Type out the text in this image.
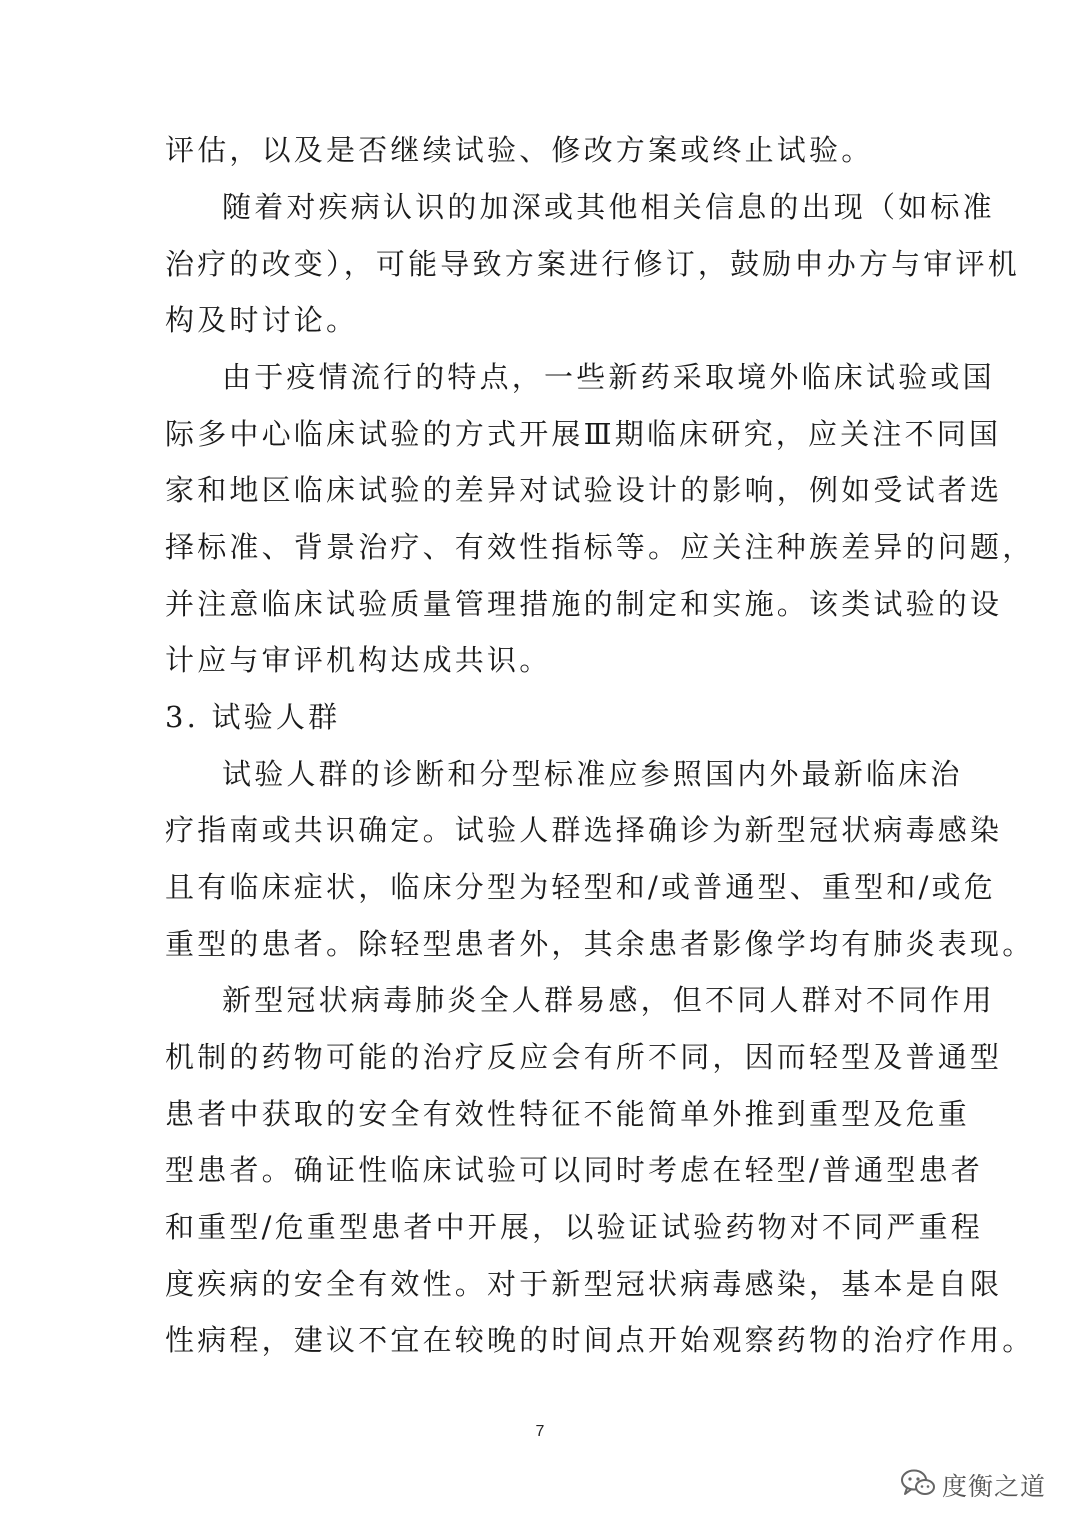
评估，以及是否继续试验、修改方案或终止试验。
随着对疾病认识的加深或其他相关信息的出现（如标准
治疗的改变），可能导致方案进行修订，鼓励申办方与审评机
构及时讨论。
由于疫情流行的特点，一些新药采取境外临床试验或国
际多中心临床试验的方式开展Ⅲ期临床研究，应关注不同国
家和地区临床试验的差异对试验设计的影响，例如受试者选
择标准、背景治疗、有效性指标等。应关注种族差异的问题，
并注意临床试验质量管理措施的制定和实施。该类试验的设
计应与审评机构达成共识。
3. 试验人群
试验人群的诊断和分型标准应参照国内外最新临床治
疗指南或共识确定。试验人群选择确诊为新型冠状病毒感染
且有临床症状，临床分型为轻型和/或普通型、重型和/或危
重型的患者。除轻型患者外，其余患者影像学均有肺炎表现。
新型冠状病毒肺炎全人群易感，但不同人群对不同作用
机制的药物可能的治疗反应会有所不同，因而轻型及普通型
患者中获取的安全有效性特征不能简单外推到重型及危重
型患者。确证性临床试验可以同时考虑在轻型/普通型患者
和重型/危重型患者中开展，以验证试验药物对不同严重程
度疾病的安全有效性。对于新型冠状病毒感染，基本是自限
性病程，建议不宜在较晚的时间点开始观察药物的治疗作用。
7
度衡之道
